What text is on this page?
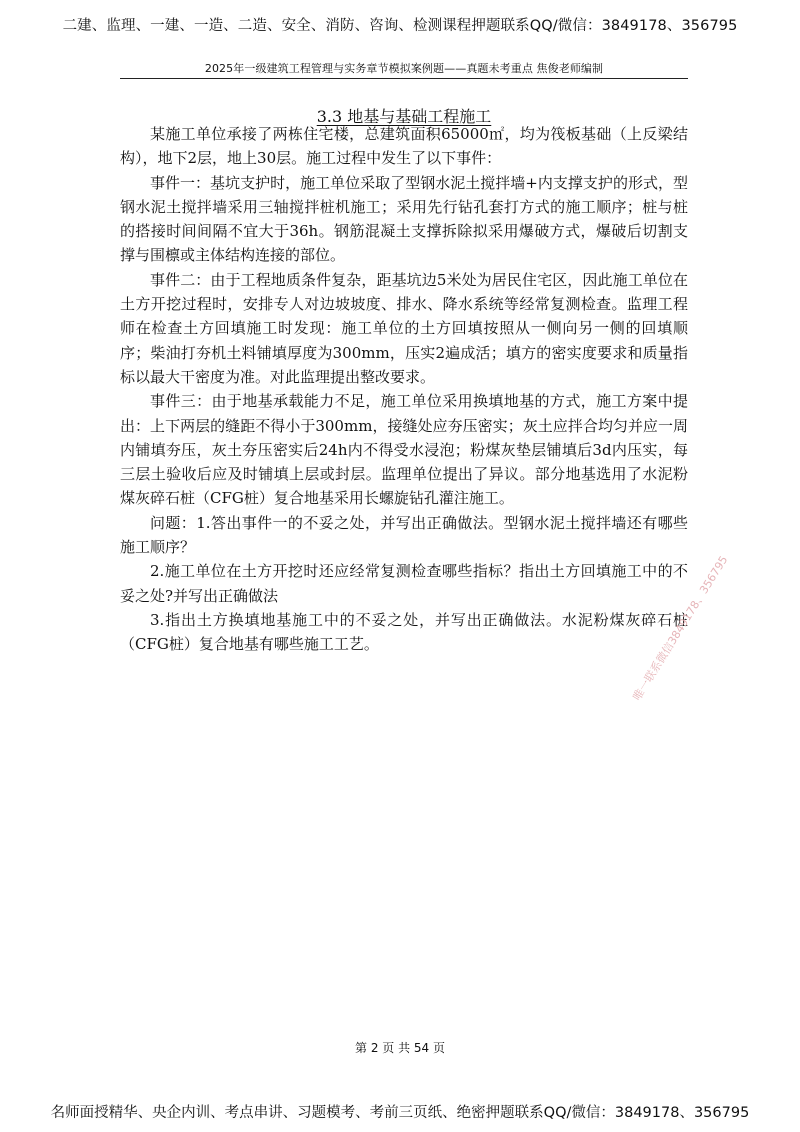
二建、监理、一建、一造、二造、安全、消防、咨询、检测课程押题联系QQ/微信：3849178、356795
2025年一级建筑工程管理与实务章节模拟案例题——真题未考重点 焦俊老师编制
3.3 地基与基础工程施工

某施工单位承接了两栋住宅楼，总建筑面积65000㎡，均为筏板基础（上反梁结构），地下2层，地上30层。施工过程中发生了以下事件：

事件一：基坑支护时，施工单位采取了型钢水泥土搅拌墙+内支撑支护的形式，型钢水泥土搅拌墙采用三轴搅拌桩机施工；采用先行钻孔套打方式的施工顺序；桩与桩的搭接时间间隔不宜大于36h。钢筋混凝土支撑拆除拟采用爆破方式，爆破后切割支撑与围檩或主体结构连接的部位。

事件二：由于工程地质条件复杂，距基坑边5米处为居民住宅区，因此施工单位在土方开挖过程时，安排专人对边坡坡度、排水、降水系统等经常复测检查。监理工程师在检查土方回填施工时发现：施工单位的土方回填按照从一侧向另一侧的回填顺序；柴油打夯机土料铺填厚度为300mm，压实2遍成活；填方的密实度要求和质量指标以最大干密度为准。对此监理提出整改要求。

事件三：由于地基承载能力不足，施工单位采用换填地基的方式，施工方案中提出：上下两层的缝距不得小于300mm，接缝处应夯压密实；灰土应拌合均匀并应一周内铺填夯压，灰土夯压密实后24h内不得受水浸泡；粉煤灰垫层铺填后3d内压实，每三层土验收后应及时铺填上层或封层。监理单位提出了异议。部分地基选用了水泥粉煤灰碎石桩（CFG桩）复合地基采用长螺旋钻孔灌注施工。

问题：1.答出事件一的不妥之处，并写出正确做法。型钢水泥土搅拌墙还有哪些施工顺序？

2.施工单位在土方开挖时还应经常复测检查哪些指标？指出土方回填施工中的不妥之处?并写出正确做法

3.指出土方换填地基施工中的不妥之处，并写出正确做法。水泥粉煤灰碎石桩（CFG桩）复合地基有哪些施工工艺。	唯一联系微信3849178、356795
第 2 页 共 54 页
名师面授精华、央企内训、考点串讲、习题模考、考前三页纸、绝密押题联系QQ/微信：3849178、356795
